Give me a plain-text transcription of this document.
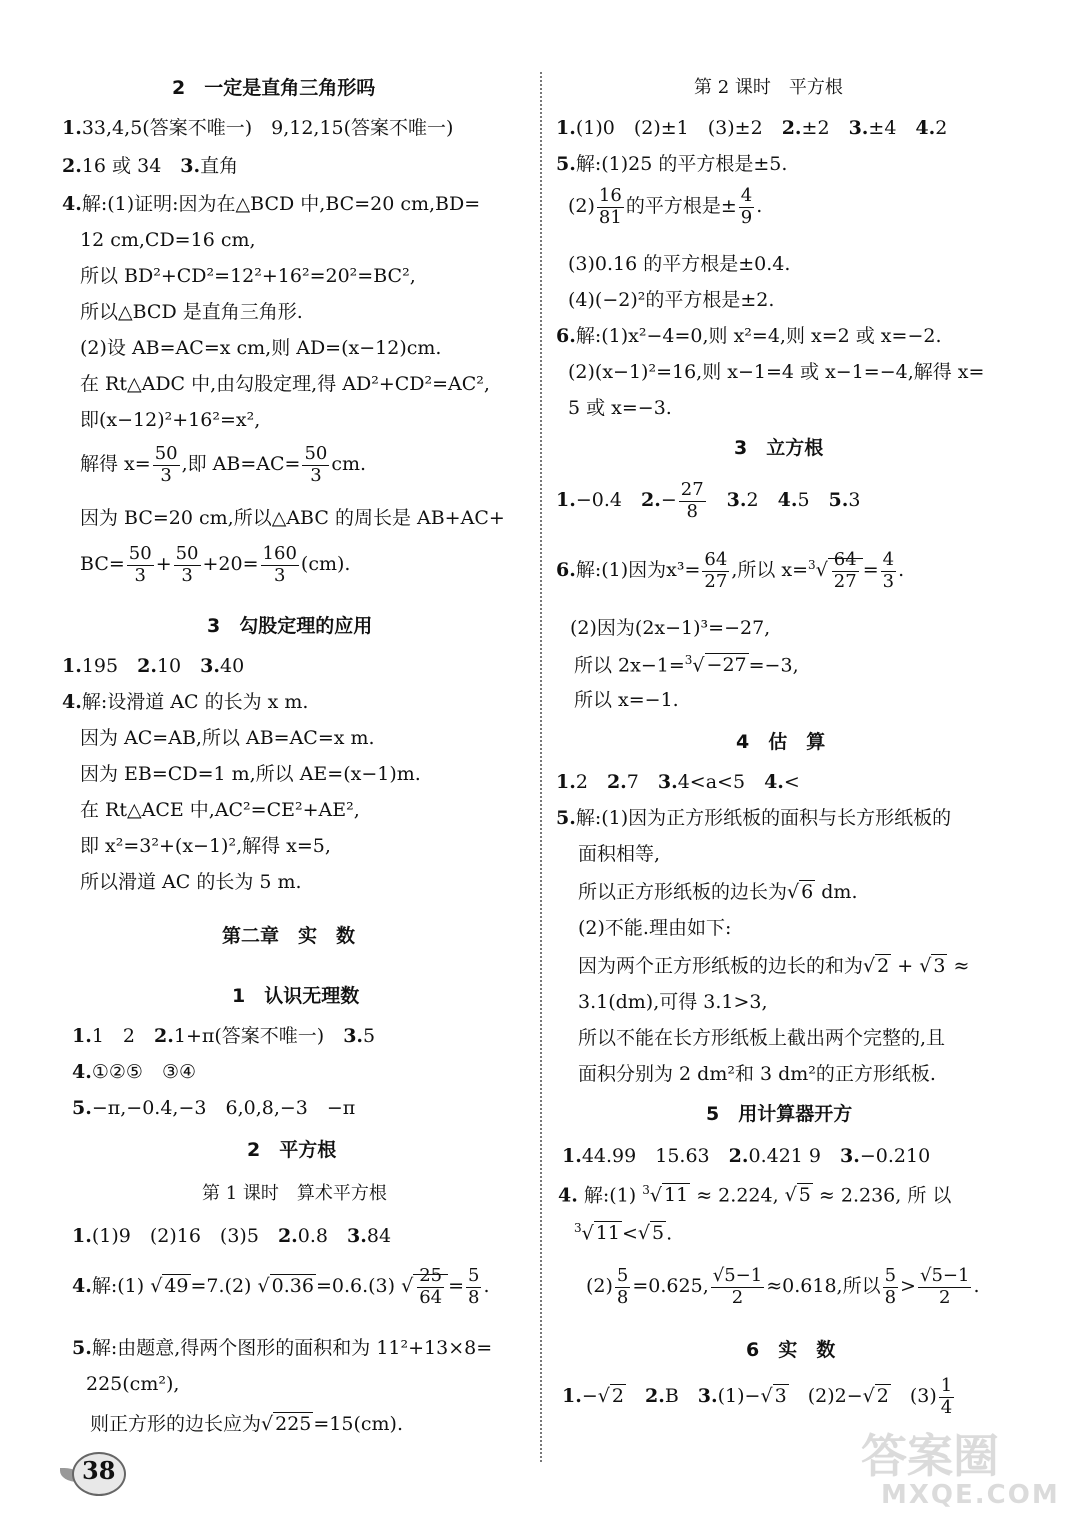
2　一定是直角三角形吗
1.33,4,5(答案不唯一)　9,12,15(答案不唯一)
2.16 或 34　3.直角
4.解:(1)证明:因为在△BCD 中,BC=20 cm,BD=
12 cm,CD=16 cm,
所以 BD²+CD²=12²+16²=20²=BC²,
所以△BCD 是直角三角形.
(2)设 AB=AC=x cm,则 AD=(x−12)cm.
在 Rt△ADC 中,由勾股定理,得 AD²+CD²=AC²,
即(x−12)²+16²=x²,
解得 $x= \frac{50}{3}$ ,即 $AB=AC= \frac{50}{3}$ cm.
因为 BC=20 cm,所以△ABC 的周长是 AB+AC+
$BC= \frac{50}{3} + \frac{50}{3} +20= \frac{160}{3} (cm)$.
3　勾股定理的应用
1.195　2.10　3.40
4.解:设滑道 AC 的长为 x m.
因为 AC=AB,所以 AB=AC=x m.
因为 EB=CD=1 m,所以 AE=(x−1)m.
在 Rt△ACE 中,AC²=CE²+AE²,
即 x²=3²+(x−1)²,解得 x=5,
所以滑道 AC 的长为 5 m.
第二章　实　数
1　认识无理数
1.1　2　2.1+π(答案不唯一)　3.5
4.①②⑤　③④
5.−π,−0.4̇,−3　6,0,8,−3　−π
2　平方根
第 1 课时　算术平方根
1.(1)9　(2)16　(3)5　2.0.8　3.84
4.解:(1) √ 49 =7.(2) √ 0.36 =0.6.(3) √ $\frac{25}{64} = \frac{5}{8}$ .
5.解:由题意,得两个图形的面积和为 11²+13×8=
225(cm²),
则正方形的边长应为√ 225 =15(cm).
第 2 课时　平方根
1.(1)0　(2)±1　(3)±2　2.±2　3.±4　4.2
5.解:(1)25 的平方根是±5.
$(2) \frac{16}{81}$ 的平方根是± $\frac{4}{9}$ .
(3)0.16 的平方根是±0.4.
(4)(−2)²的平方根是±2.
6.解:(1)x²−4=0,则 x²=4,则 x=2 或 x=−2.
(2)(x−1)²=16,则 x−1=4 或 x−1=−4,解得 x=
5 或 x=−3.
3　立方根
1.−0.4　$2.- \frac{27}{8}$
　 3.2　4.5　5.3
6.解:(1)因为$x^3= \frac{64}{27}$ ,所以 $x=^3√ \frac{64}{27} = \frac{4}{3}$ .
(2)因为(2x−1)³=−27,
所以 2x−1=$^3$√ −27 =−3,
所以 x=−1.
4　估　算
1.2　2.7　3.4<a<5　4.<
5.解:(1)因为正方形纸板的面积与长方形纸板的
面积相等,
所以正方形纸板的边长为√ 6 dm.
(2)不能.理由如下:
因为两个正方形纸板的边长的和为√ 2 + √ 3 ≈
3.1(dm),可得 3.1>3,
所以不能在长方形纸板上截出两个完整的,且
面积分别为 2 dm²和 3 dm²的正方形纸板.
5　用计算器开方
1.44.99　15.63　2.0.421 9　3.−0.210
4. 解:(1) $^3$√ 11 ≈ 2.224, √ 5 ≈ 2.236, 所 以
$^3$√ 11 <√ 5 .
$(2) \frac{5}{8} =0.625$, $\frac{√5-1}{2} \approx 0.618$,所以 $\frac{5}{8} > \frac{√5-1}{2}$ .
6　实　数
1.−√ 2　 2.B　3.(1)−√ 3　(2)2−√ 2　$(3) \frac{1}{4}$
38	答案圈
MXQE.COM
